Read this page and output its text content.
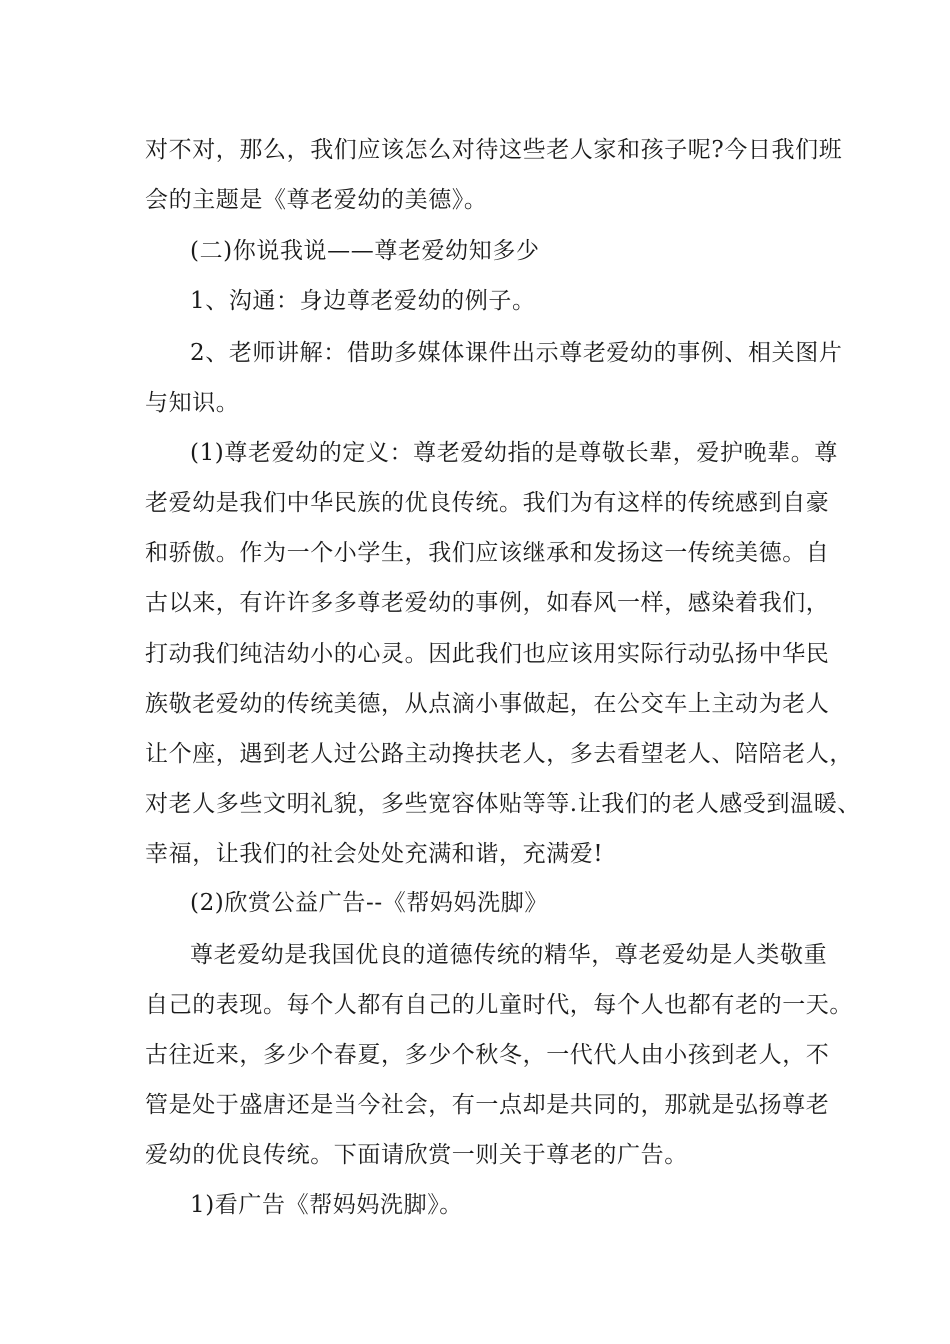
对不对，那么，我们应该怎么对待这些老人家和孩子呢?今日我们班

会的主题是《尊老爱幼的美德》。

(二)你说我说——尊老爱幼知多少

1、沟通：身边尊老爱幼的例子。

2、老师讲解：借助多媒体课件出示尊老爱幼的事例、相关图片

与知识。

(1)尊老爱幼的定义：尊老爱幼指的是尊敬长辈，爱护晚辈。尊

老爱幼是我们中华民族的优良传统。我们为有这样的传统感到自豪

和骄傲。作为一个小学生，我们应该继承和发扬这一传统美德。自

古以来，有许许多多尊老爱幼的事例，如春风一样，感染着我们，

打动我们纯洁幼小的心灵。因此我们也应该用实际行动弘扬中华民

族敬老爱幼的传统美德，从点滴小事做起，在公交车上主动为老人

让个座，遇到老人过公路主动搀扶老人，多去看望老人、陪陪老人，

对老人多些文明礼貌，多些宽容体贴等等.让我们的老人感受到温暖、

幸福，让我们的社会处处充满和谐，充满爱!

(2)欣赏公益广告--《帮妈妈洗脚》

尊老爱幼是我国优良的道德传统的精华，尊老爱幼是人类敬重

自己的表现。每个人都有自己的儿童时代，每个人也都有老的一天。

古往近来，多少个春夏，多少个秋冬，一代代人由小孩到老人，不

管是处于盛唐还是当今社会，有一点却是共同的，那就是弘扬尊老

爱幼的优良传统。下面请欣赏一则关于尊老的广告。

1)看广告《帮妈妈洗脚》。
